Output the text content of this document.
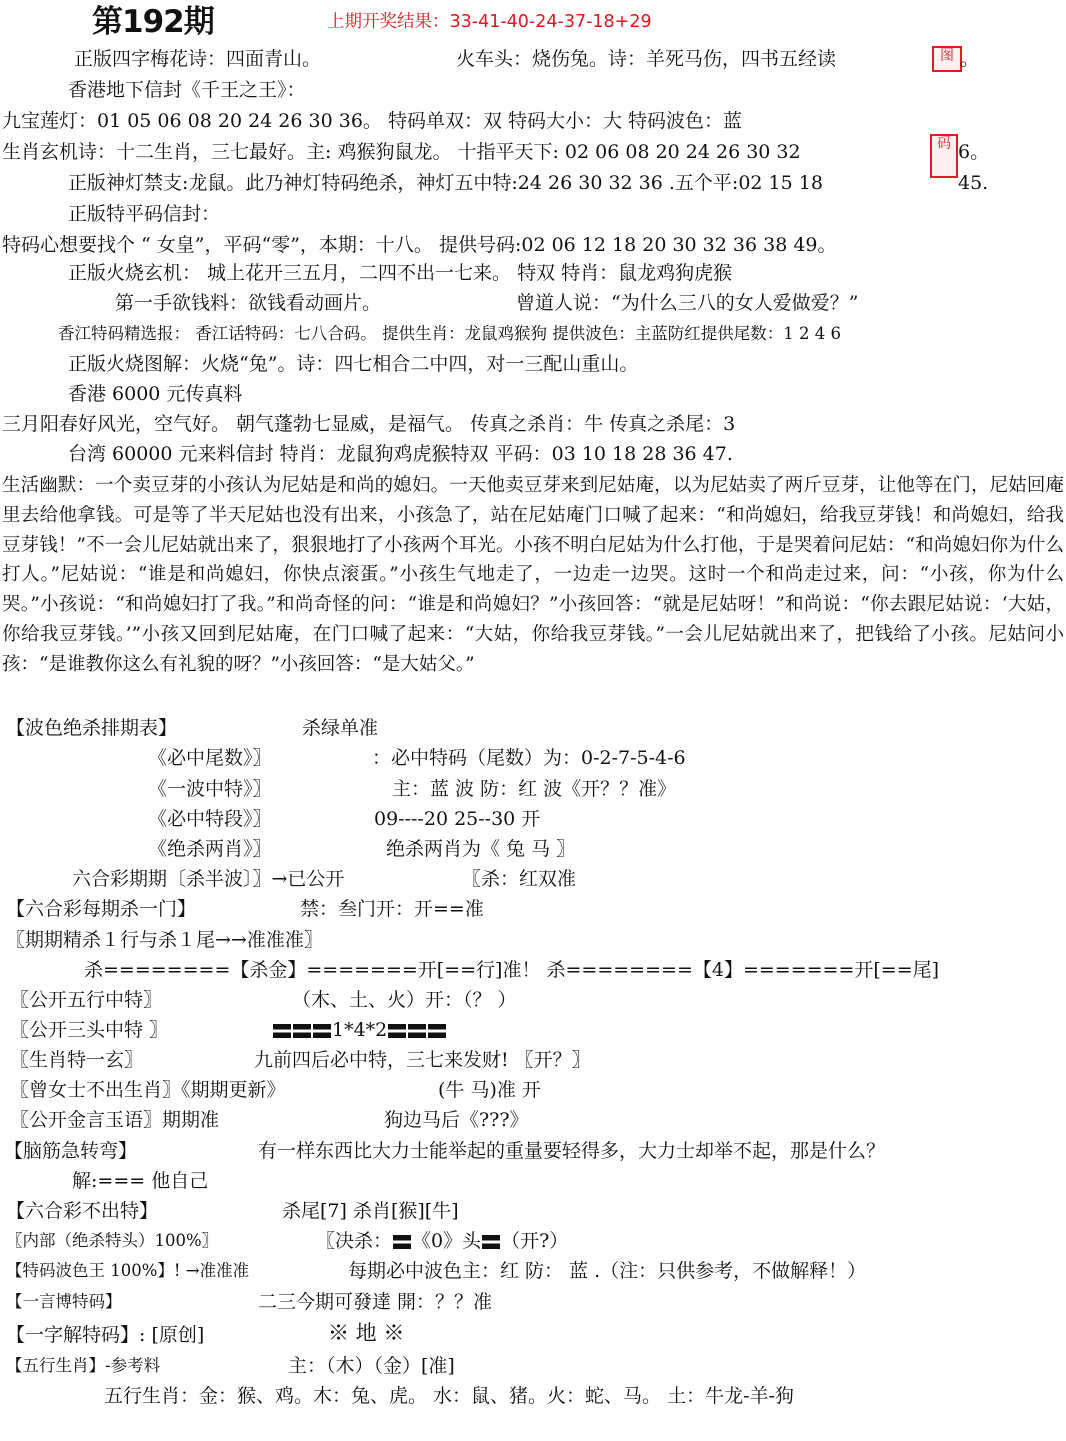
第192期	上期开奖结果：33-41-40-24-37-18+29
正版四字梅花诗：四面青山。	火车头：烧伤兔。诗：羊死马伤，四书五经读	图 。
香港地下信封《千王之王》：
九宝莲灯：01 05 06 08 20 24 26 30 36。 特码单双：双 特码大小：大 特码波色：蓝
生肖玄机诗：十二生肖，三七最好。主: 鸡猴狗鼠龙。 十指平天下: 02 06 08 20 24 26 30 32	码 6。
正版神灯禁支:龙鼠。此乃神灯特码绝杀，神灯五中特:24 26 30 32 36 .五个平:02 15 18	45.
正版特平码信封：
特码心想要找个 “ 女皇”，平码“零”，本期：十八。 提供号码:02 06 12 18 20 30 32 36 38 49。
正版火烧玄机： 城上花开三五月，二四不出一七来。 特双 特肖：鼠龙鸡狗虎猴
第一手欲钱料：欲钱看动画片。	曾道人说：“为什么三八的女人爱做爱？”
香江特码精选报： 香江话特码：七八合码。 提供生肖：龙鼠鸡猴狗 提供波色：主蓝防红提供尾数：1 2 4 6
正版火烧图解：火烧“兔”。诗：四七相合二中四，对一三配山重山。
香港 6000 元传真料
三月阳春好风光，空气好。 朝气蓬勃七显威，是福气。 传真之杀肖：牛 传真之杀尾：3
台湾 60000 元来料信封 特肖：龙鼠狗鸡虎猴特双 平码：03 10 18 28 36 47.
生活幽默：一个卖豆芽的小孩认为尼姑是和尚的媳妇。一天他卖豆芽来到尼姑庵，以为尼姑卖了两斤豆芽，让他等在门，尼姑回庵里去给他拿钱。可是等了半天尼姑也没有出来，小孩急了，站在尼姑庵门口喊了起来：“和尚媳妇，给我豆芽钱！和尚媳妇，给我豆芽钱！”不一会儿尼姑就出来了，狠狠地打了小孩两个耳光。小孩不明白尼姑为什么打他，于是哭着问尼姑：“和尚媳妇你为什么打人。”尼姑说：“谁是和尚媳妇，你快点滚蛋。”小孩生气地走了，一边走一边哭。这时一个和尚走过来，问：“小孩，你为什么哭。”小孩说：“和尚媳妇打了我。”和尚奇怪的问：“谁是和尚媳妇？”小孩回答：“就是尼姑呀！”和尚说：“你去跟尼姑说：‘大姑，你给我豆芽钱。’”小孩又回到尼姑庵，在门口喊了起来：“大姑，你给我豆芽钱。”一会儿尼姑就出来了，把钱给了小孩。尼姑问小孩：“是谁教你这么有礼貌的呀？”小孩回答：“是大姑父。”
【波色绝杀排期表】	杀绿单准
《必中尾数》〗	：必中特码（尾数）为：0-2-7-5-4-6
《一波中特》〗	主：蓝 波 防：红 波《开？？准》
《必中特段》〗	09----20 25--30 开
《绝杀两肖》〗	绝杀两肖为《 兔 马 〗
六合彩期期〔杀半波〕〗→已公开	〖杀：红双准
【六合彩每期杀一门】	禁：叁门开：开==准
〖期期精杀１行与杀１尾→→准准准〗
杀========【杀金】=======开[==行]准！ 杀========【4】=======开[==尾]
〖公开五行中特〗	（木、土、火）开：（？ ）
〖公开三头中特 〗	1*4*2
〖生肖特一玄〗	九前四后必中特，三七来发财! 〖开？〗
〖曾女士不出生肖〗《期期更新》	(牛 马)准 开
〖公开金言玉语〗期期准	狗边马后《???》
【脑筋急转弯】	有一样东西比大力士能举起的重量要轻得多，大力士却举不起，那是什么？
解:=== 他自己
【六合彩不出特】	杀尾[7] 杀肖[猴][牛]
〖内部（绝杀特头）100%〗	〖决杀： 《0》头 （开?）
【特码波色王 100%】! →准准准	每期必中波色主：红 防： 蓝 .（注：只供参考，不做解释！）
【一言博特码】	二三今期可發達 開：？？准
【一字解特码】: [原创]	※ 地 ※
【五行生肖】-参考料	主：（木）（金）[准]
五行生肖：金：猴、鸡。木：兔、虎。 水：鼠、猪。火：蛇、马。 土：牛龙-羊-狗
